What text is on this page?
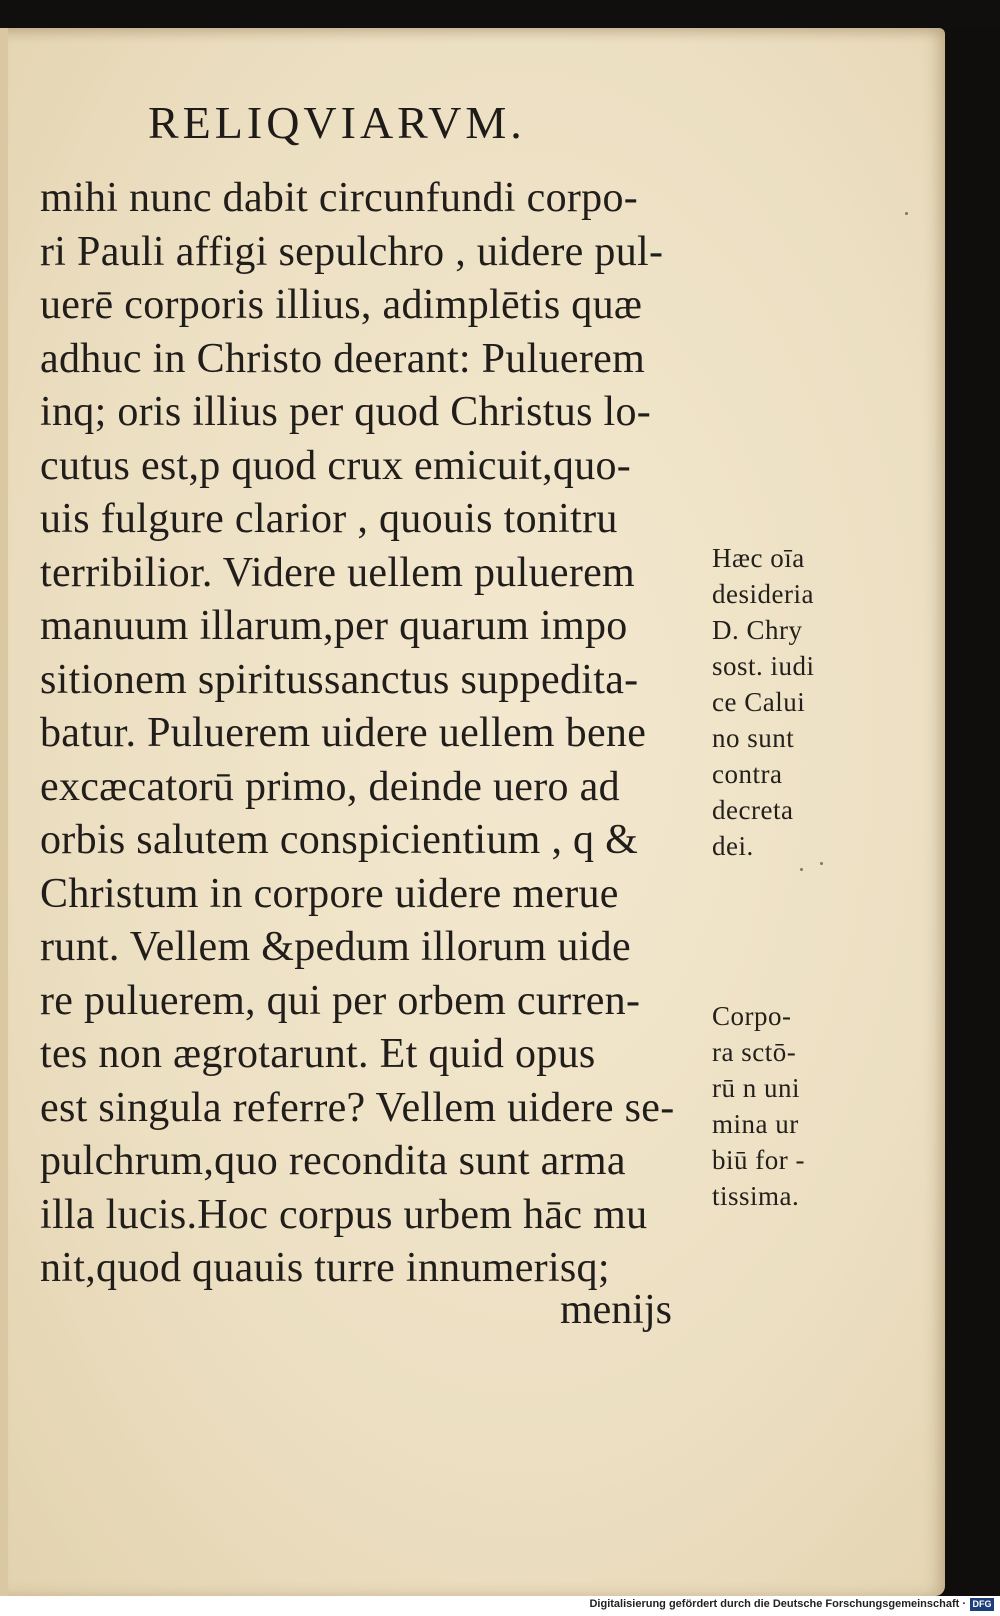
RELIQVIARVM.
mihi nunc dabit circunfundi corpo-
ri Pauli affigi sepulchro , uidere pul-
uerē corporis illius, adimplētis quæ
adhuc in Christo deerant: Puluerem
inq; oris illius per quod Christus lo-
cutus est,p quod crux emicuit,quo-
uis fulgure clarior , quouis tonitru
terribilior. Videre uellem puluerem
manuum illarum,per quarum impo
sitionem spiritussanctus suppedita-
batur. Puluerem uidere uellem bene
excæcatorū primo, deinde uero ad
orbis salutem conspicientium , q &
Christum in corpore uidere merue
runt. Vellem &pedum illorum uide
re puluerem, qui per orbem curren-
tes non ægrotarunt. Et quid opus
est singula referre? Vellem uidere se-
pulchrum,quo recondita sunt arma
illa lucis.Hoc corpus urbem hāc mu
nit,quod quauis turre innumerisq;
menijs
Hæc oīa
desideria
D. Chry
sost. iudi
ce Calui
no sunt
contra
decreta
dei.
Corpo-
ra sctō-
rū n uni
mina ur
biū for -
tissima.
Digitalisierung gefördert durch die Deutsche Forschungsgemeinschaft · DFG
